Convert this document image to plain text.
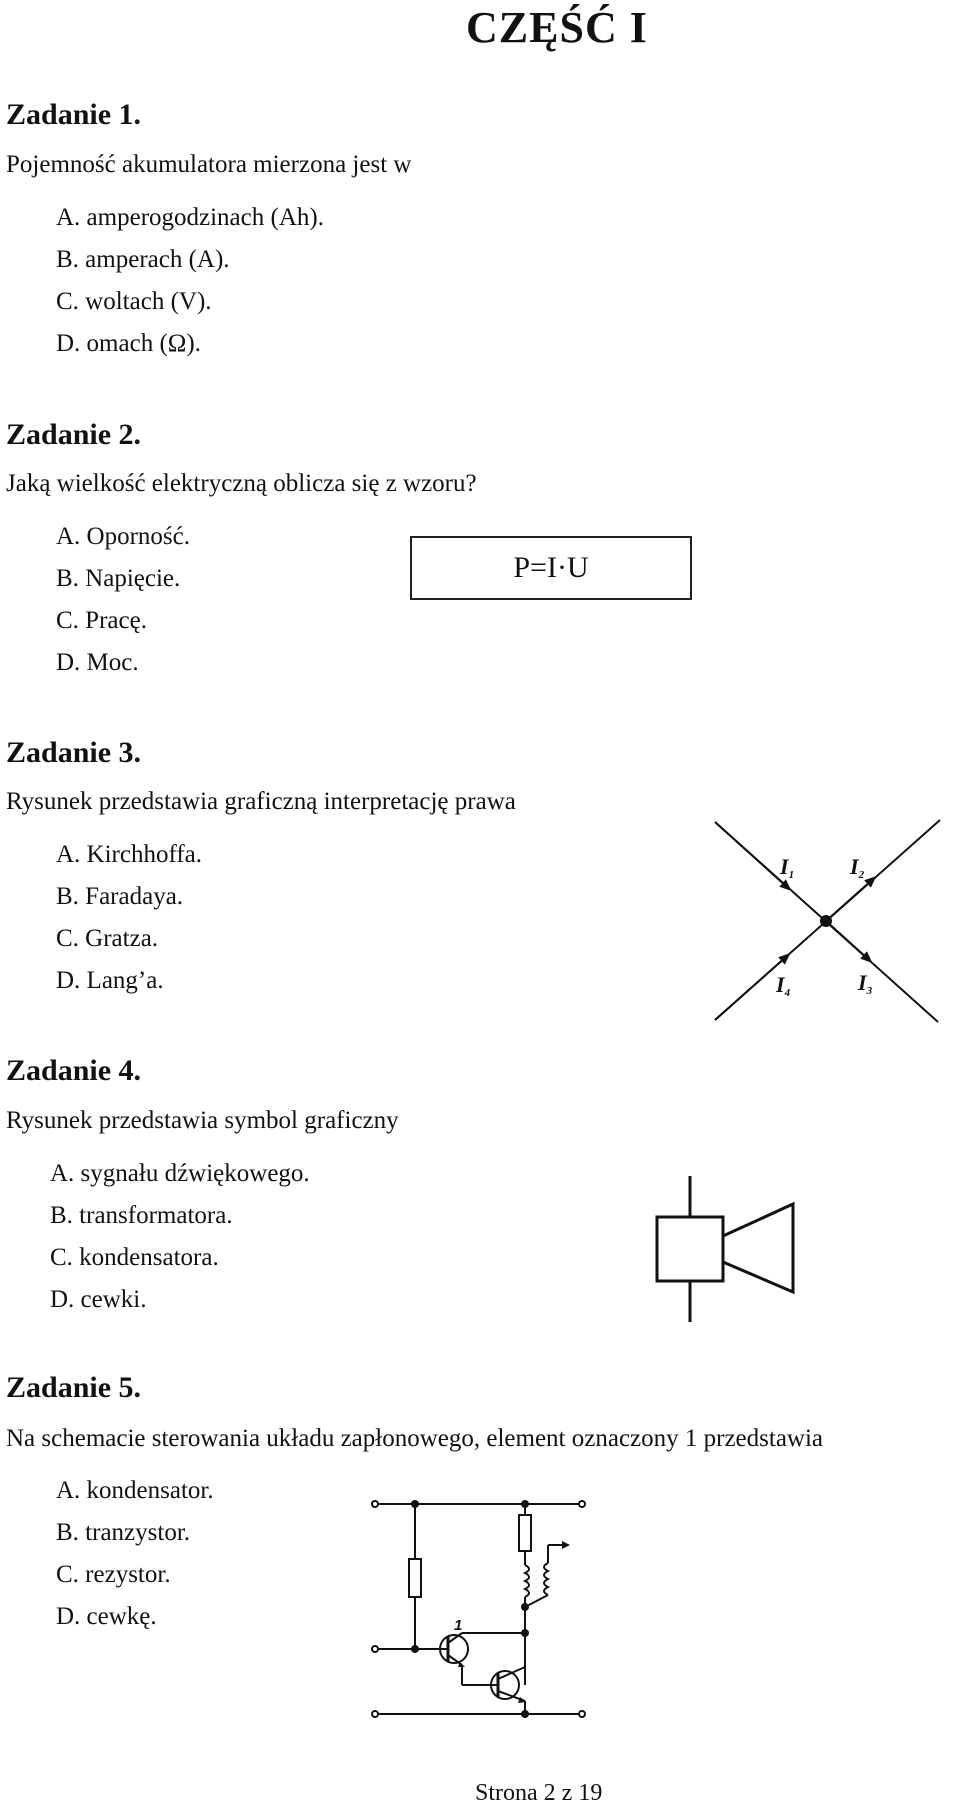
CZĘŚĆ I
Zadanie 1.
Pojemność akumulatora mierzona jest w
A. amperogodzinach (Ah).
B. amperach (A).
C. woltach (V).
D. omach (Ω).
Zadanie 2.
Jaką wielkość elektryczną oblicza się z wzoru?
A. Oporność.
B. Napięcie.
C. Pracę.
D. Moc.
P=I·U
Zadanie 3.
Rysunek przedstawia graficzną interpretację prawa
A. Kirchhoffa.
B. Faradaya.
C. Gratza.
D. Lang’a.
I1	I2
I3
I4
Zadanie 4.
Rysunek przedstawia symbol graficzny
A. sygnału dźwiękowego.
B. transformatora.
C. kondensatora.
D. cewki.
Zadanie 5.
Na schemacie sterowania układu zapłonowego, element oznaczony 1 przedstawia
A. kondensator.
B. tranzystor.
C. rezystor.
D. cewkę.	1
Strona 2 z 19
